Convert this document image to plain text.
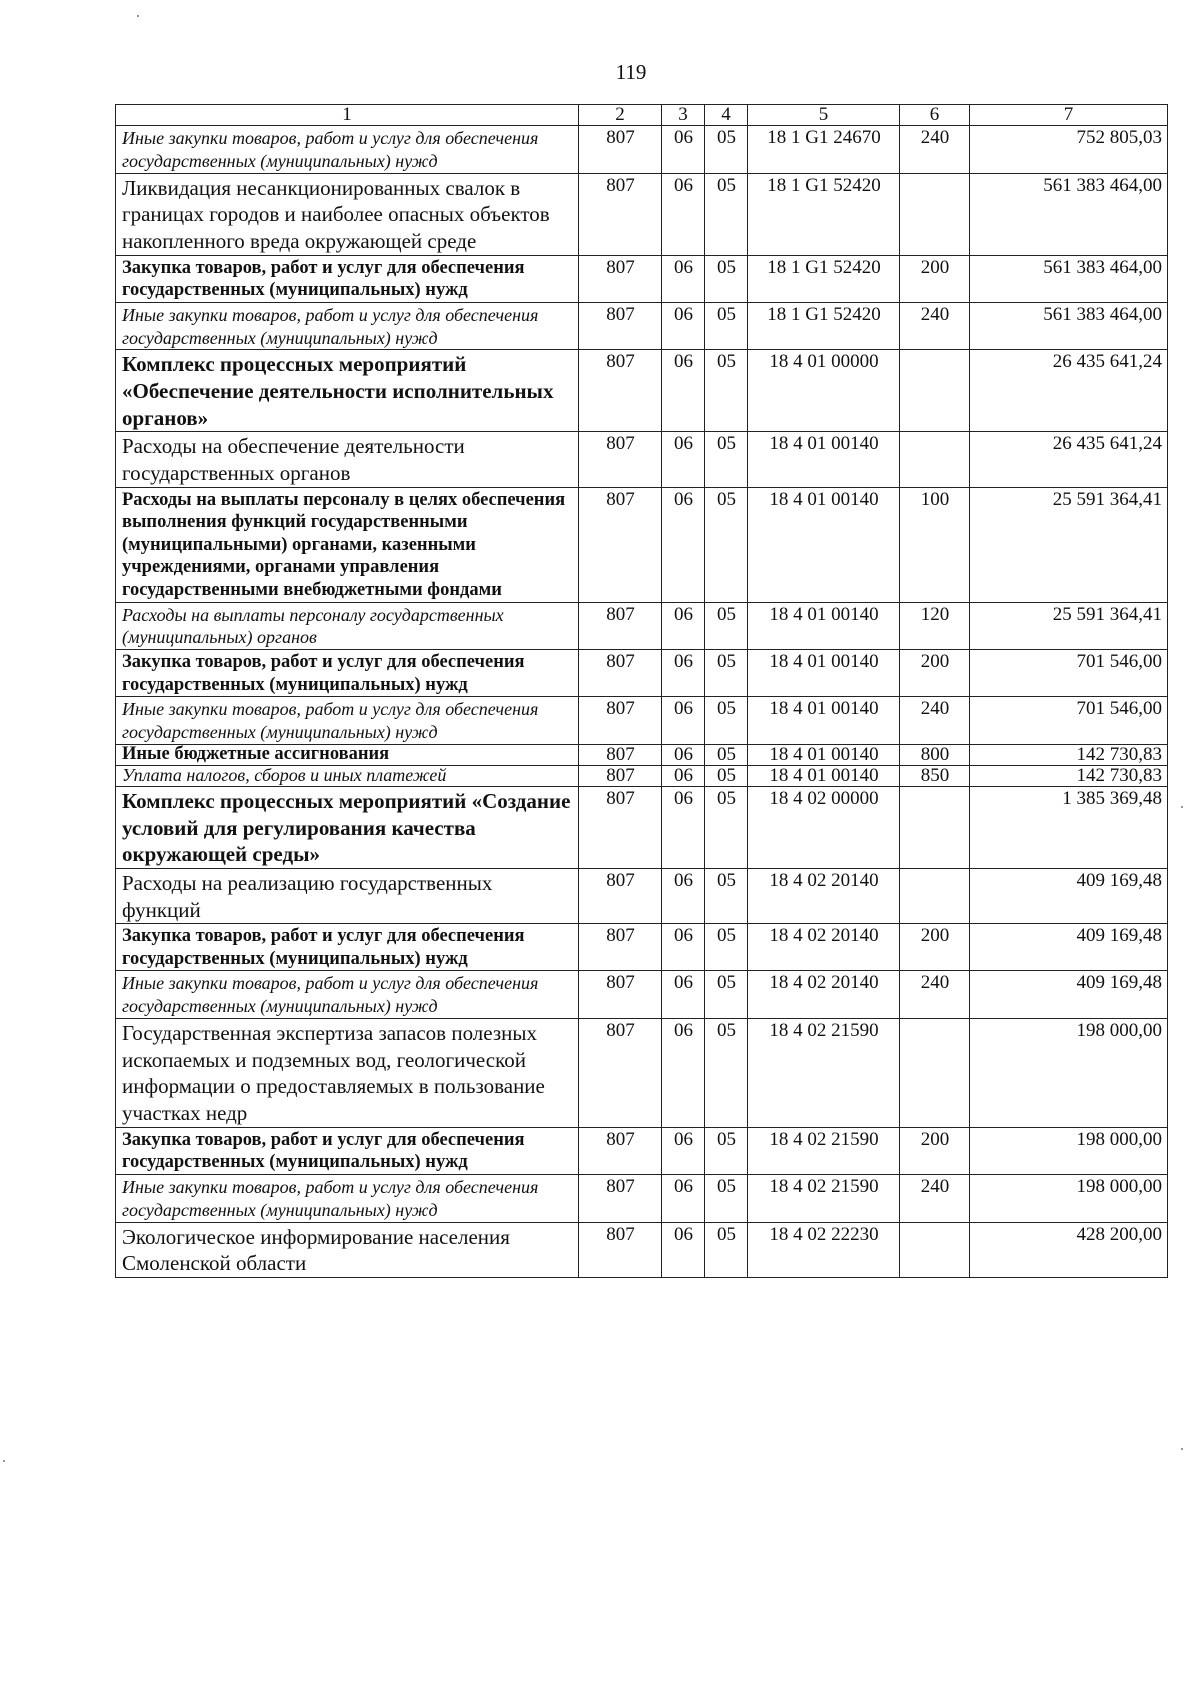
119
1	2	3	4	5	6	7
Иные закупки товаров, работ и услуг для обеспечения государственных (муниципальных) нужд	807	06	05	18 1 G1 24670	240	752 805,03
Ликвидация несанкционированных свалок в границах городов и наиболее опасных объектов накопленного вреда окружающей среде	807	06	05	18 1 G1 52420		561 383 464,00
Закупка товаров, работ и услуг для обеспечения государственных (муниципальных) нужд	807	06	05	18 1 G1 52420	200	561 383 464,00
Иные закупки товаров, работ и услуг для обеспечения государственных (муниципальных) нужд	807	06	05	18 1 G1 52420	240	561 383 464,00
Комплекс процессных мероприятий «Обеспечение деятельности исполнительных органов»	807	06	05	18 4 01 00000		26 435 641,24
Расходы на обеспечение деятельности государственных органов	807	06	05	18 4 01 00140		26 435 641,24
Расходы на выплаты персоналу в целях обеспечения выполнения функций государственными (муниципальными) органами, казенными учреждениями, органами управления государственными внебюджетными фондами	807	06	05	18 4 01 00140	100	25 591 364,41
Расходы на выплаты персоналу государственных (муниципальных) органов	807	06	05	18 4 01 00140	120	25 591 364,41
Закупка товаров, работ и услуг для обеспечения государственных (муниципальных) нужд	807	06	05	18 4 01 00140	200	701 546,00
Иные закупки товаров, работ и услуг для обеспечения государственных (муниципальных) нужд	807	06	05	18 4 01 00140	240	701 546,00
Иные бюджетные ассигнования	807	06	05	18 4 01 00140	800	142 730,83
Уплата налогов, сборов и иных платежей	807	06	05	18 4 01 00140	850	142 730,83
Комплекс процессных мероприятий «Создание условий для регулирования качества окружающей среды»	807	06	05	18 4 02 00000		1 385 369,48
Расходы на реализацию государственных функций	807	06	05	18 4 02 20140		409 169,48
Закупка товаров, работ и услуг для обеспечения государственных (муниципальных) нужд	807	06	05	18 4 02 20140	200	409 169,48
Иные закупки товаров, работ и услуг для обеспечения государственных (муниципальных) нужд	807	06	05	18 4 02 20140	240	409 169,48
Государственная экспертиза запасов полезных ископаемых и подземных вод, геологической информации о предоставляемых в пользование участках недр	807	06	05	18 4 02 21590		198 000,00
Закупка товаров, работ и услуг для обеспечения государственных (муниципальных) нужд	807	06	05	18 4 02 21590	200	198 000,00
Иные закупки товаров, работ и услуг для обеспечения государственных (муниципальных) нужд	807	06	05	18 4 02 21590	240	198 000,00
Экологическое информирование населения Смоленской области	807	06	05	18 4 02 22230		428 200,00
